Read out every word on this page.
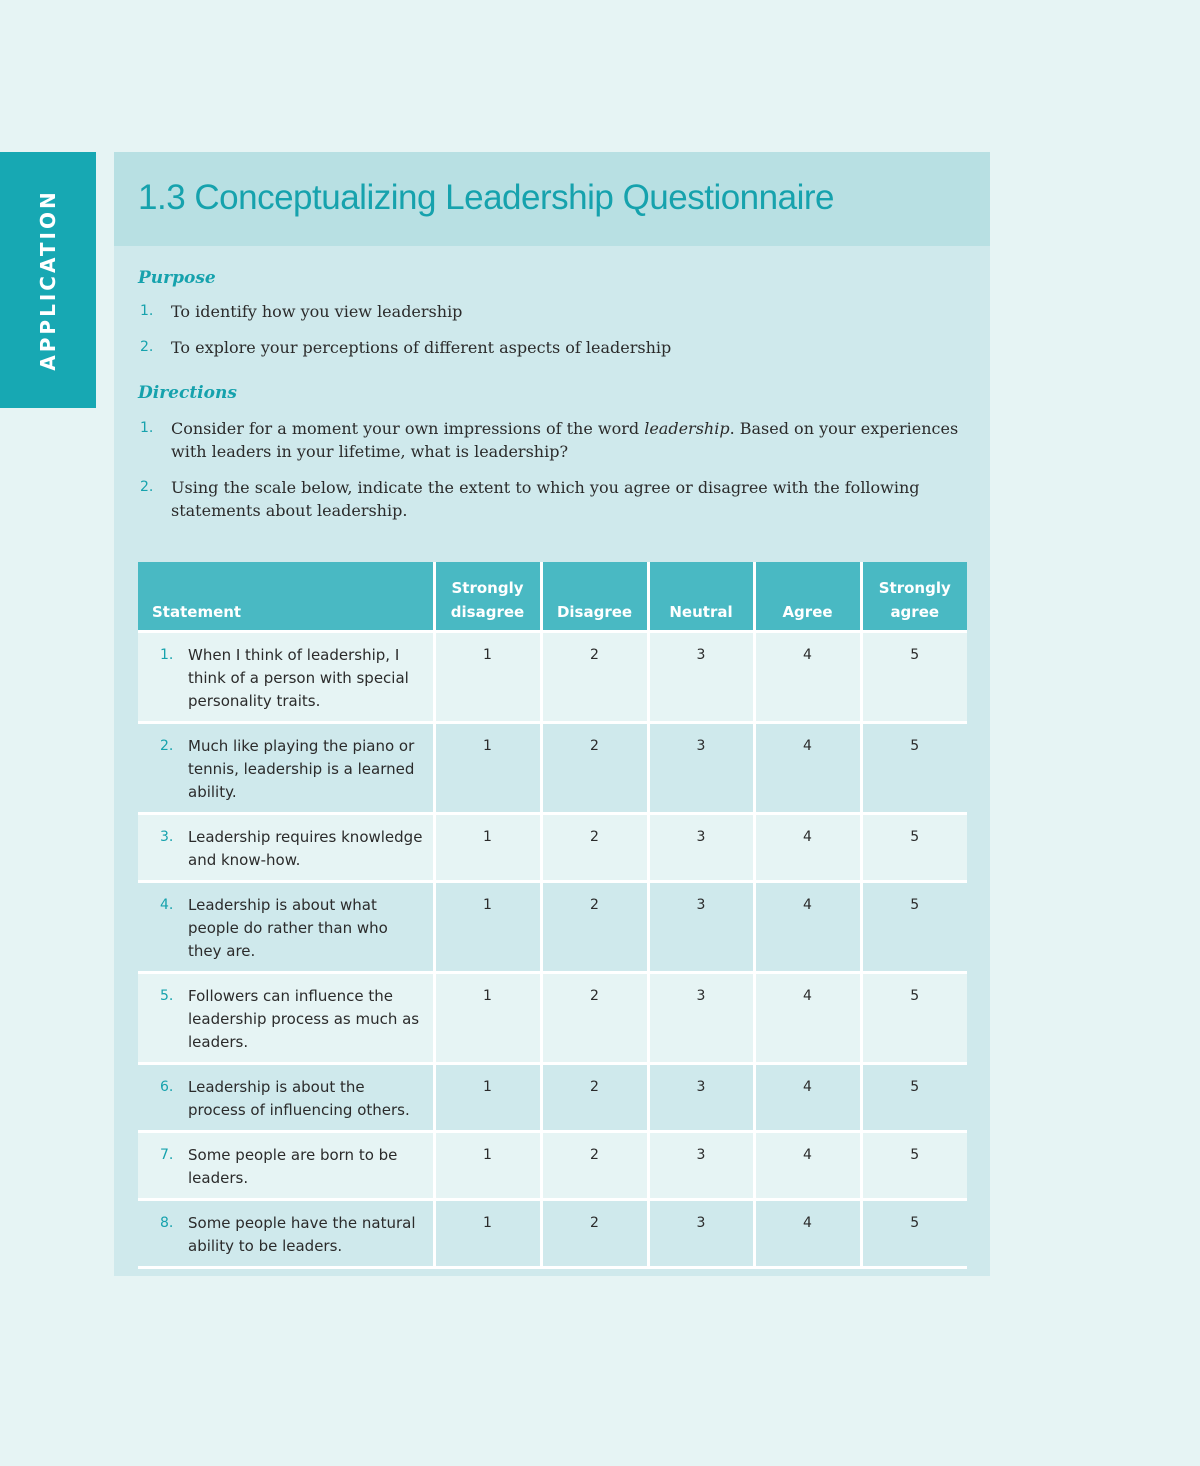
APPLICATION 1.3 Conceptualizing Leadership Questionnaire
Purpose
1. To identify how you view leadership
2. To explore your perceptions of different aspects of leadership
Directions
1. Consider for a moment your own impressions of the word leadership. Based on your experiences with leaders in your lifetime, what is leadership?
2. Using the scale below, indicate the extent to which you agree or disagree with the following statements about leadership.
Statement	Strongly disagree	Disagree	Neutral	Agree	Strongly agree

1. When I think of leadership, I think of a person with special personality traits.	1	2	3	4	5

2. Much like playing the piano or tennis, leadership is a learned ability.	1	2	3	4	5

3. Leadership requires knowledge and know-how.	1	2	3	4	5

4. Leadership is about what people do rather than who they are.	1	2	3	4	5

5. Followers can influence the leadership process as much as leaders.	1	2	3	4	5

6. Leadership is about the process of influencing others.	1	2	3	4	5

7. Some people are born to be leaders.	1	2	3	4	5

8. Some people have the natural ability to be leaders.	1	2	3	4	5
